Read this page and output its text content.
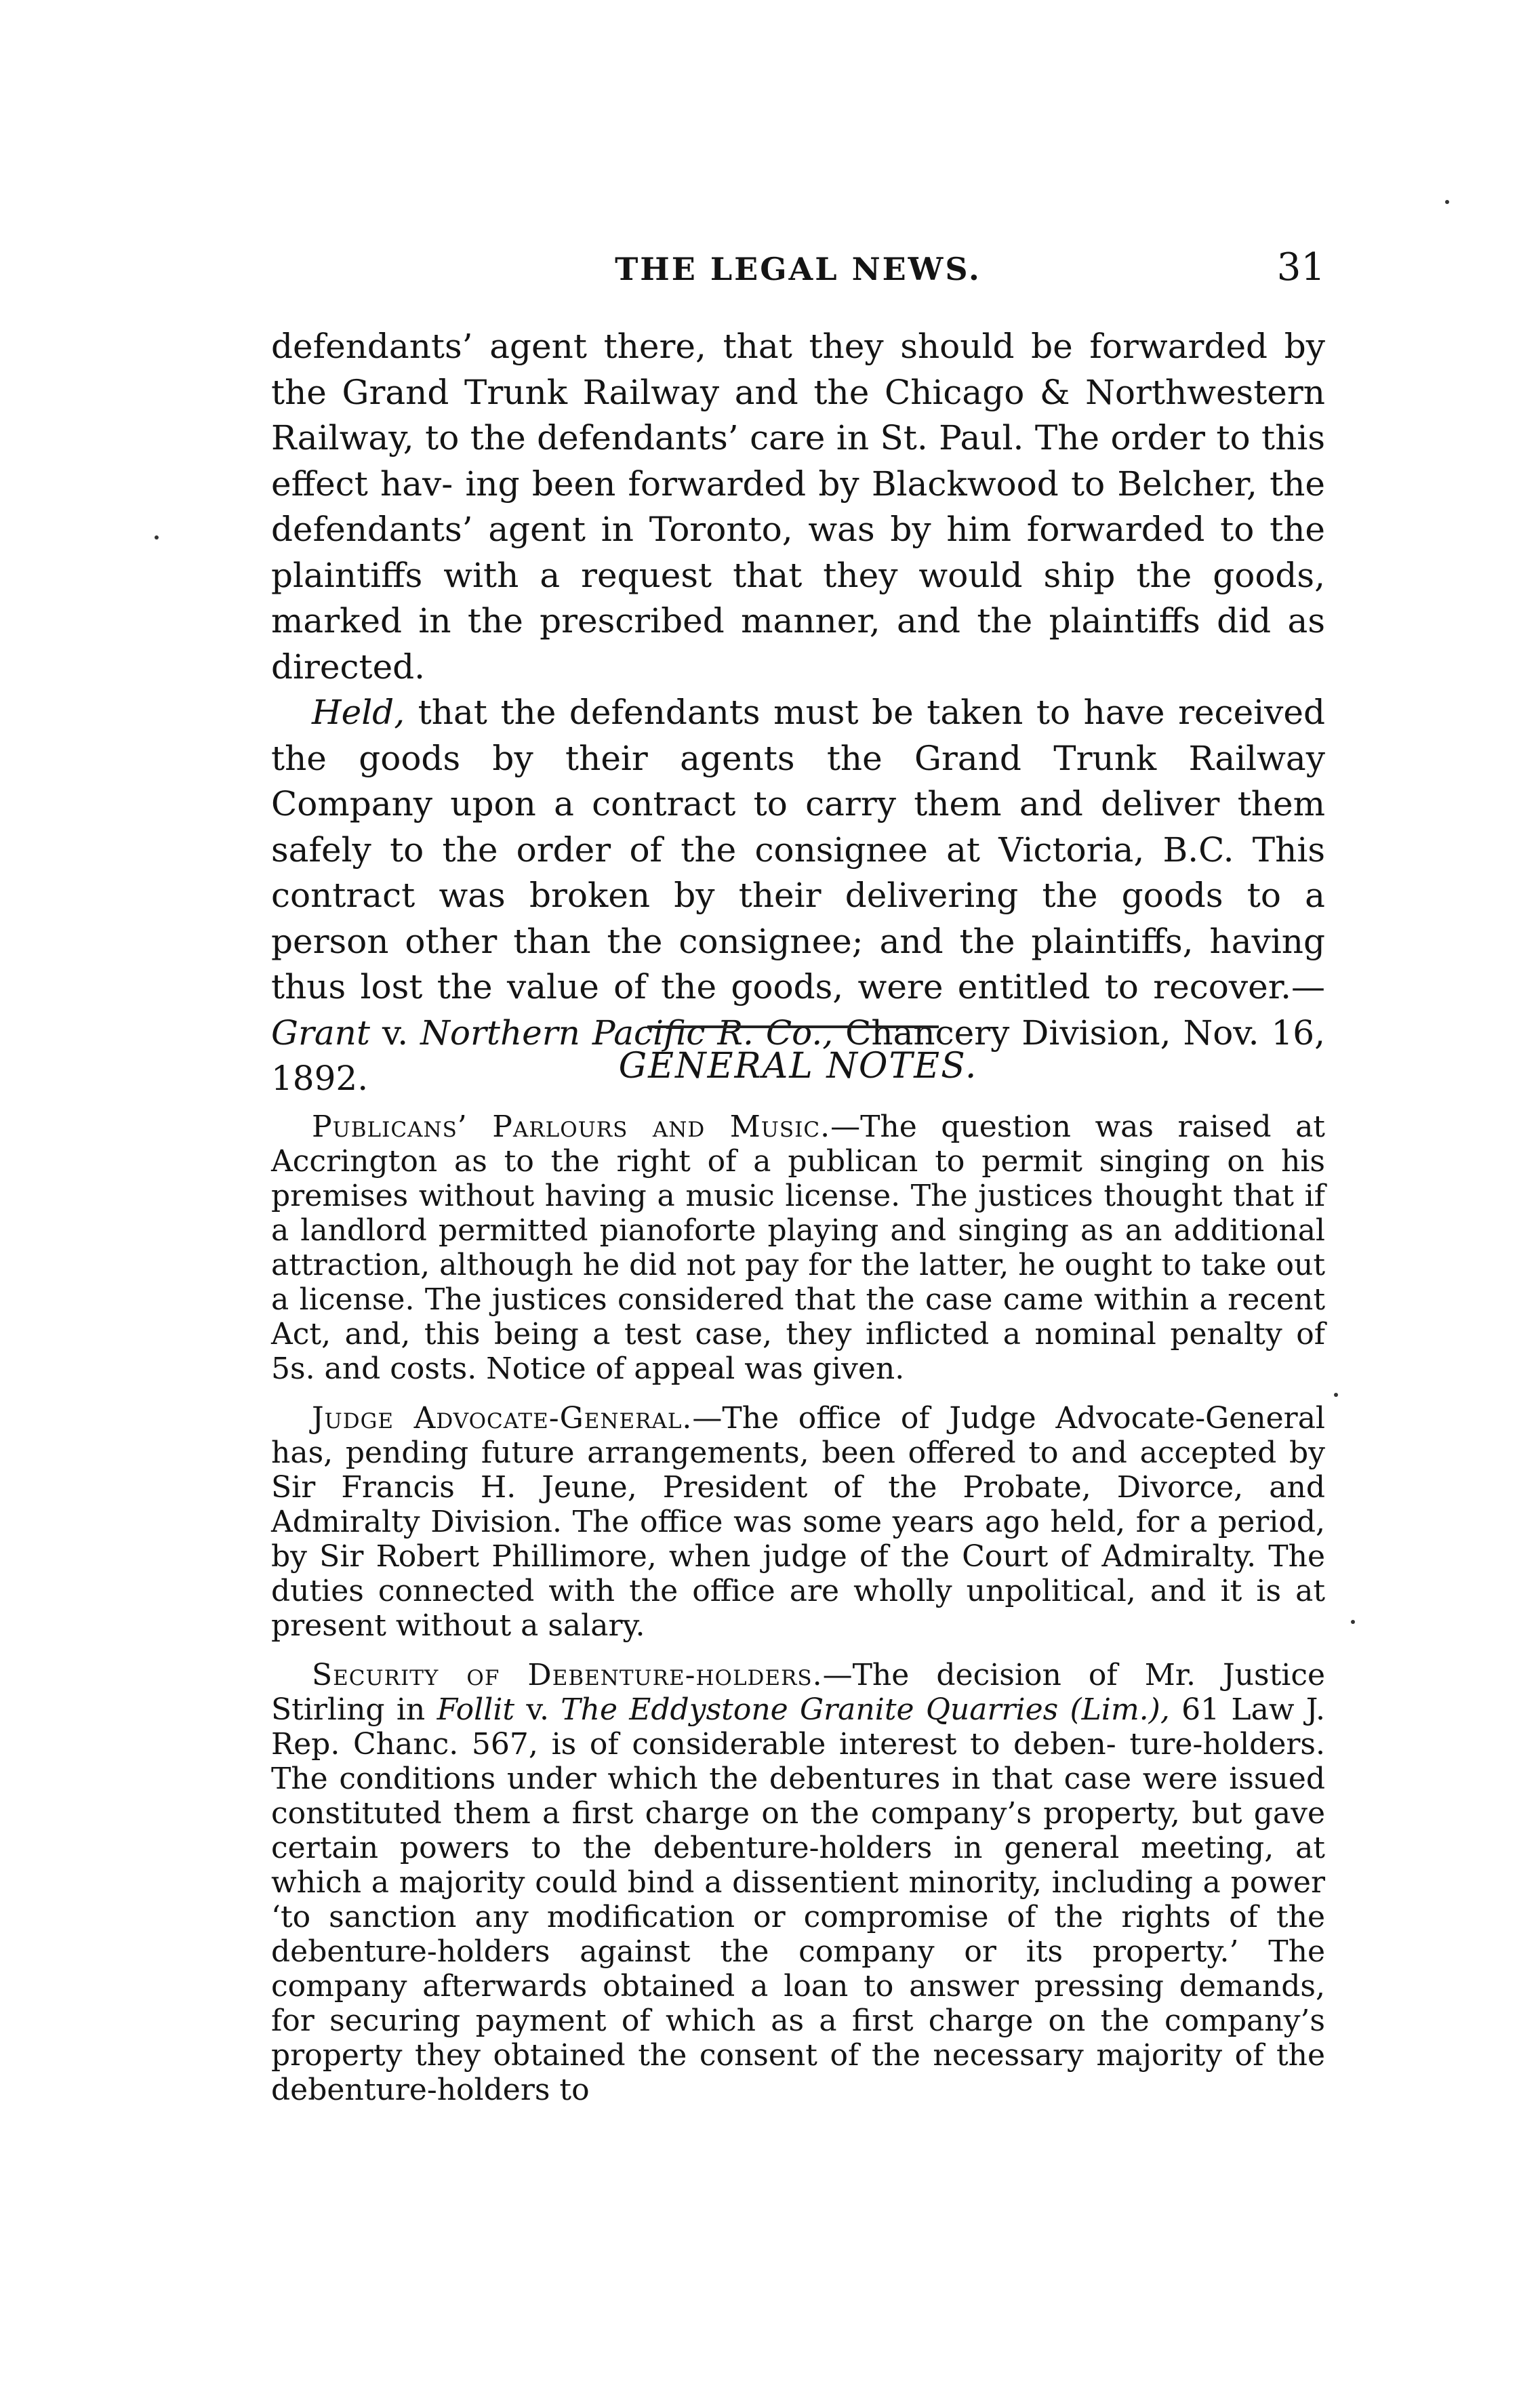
THE LEGAL NEWS.	31

defendants’ agent there, that they should be forwarded by the Grand Trunk Railway and the Chicago & Northwestern Railway, to the defendants’ care in St. Paul. The order to this effect hav- ing been forwarded by Blackwood to Belcher, the defendants’ agent in Toronto, was by him forwarded to the plaintiffs with a request that they would ship the goods, marked in the prescribed manner, and the plaintiffs did as directed.

Held, that the defendants must be taken to have received the goods by their agents the Grand Trunk Railway Company upon a contract to carry them and deliver them safely to the order of the consignee at Victoria, B.C. This contract was broken by their delivering the goods to a person other than the consignee; and the plaintiffs, having thus lost the value of the goods, were entitled to recover.—Grant v. Northern Pacific R. Co., Chancery Division, Nov. 16, 1892.	GENERAL NOTES.

Publicans’ Parlours and Music.—The question was raised at Accrington as to the right of a publican to permit singing on his premises without having a music license. The justices thought that if a landlord permitted pianoforte playing and singing as an additional attraction, although he did not pay for the latter, he ought to take out a license. The justices considered that the case came within a recent Act, and, this being a test case, they inflicted a nominal penalty of 5s. and costs. Notice of appeal was given.

Judge Advocate-General.—The office of Judge Advocate-General has, pending future arrangements, been offered to and accepted by Sir Francis H. Jeune, President of the Probate, Divorce, and Admiralty Division. The office was some years ago held, for a period, by Sir Robert Phillimore, when judge of the Court of Admiralty. The duties connected with the office are wholly unpolitical, and it is at present without a salary.

Security of Debenture-holders.—The decision of Mr. Justice Stirling in Follit v. The Eddystone Granite Quarries (Lim.), 61 Law J. Rep. Chanc. 567, is of considerable interest to deben- ture-holders. The conditions under which the debentures in that case were issued constituted them a first charge on the company’s property, but gave certain powers to the debenture-holders in general meeting, at which a majority could bind a dissentient minority, including a power ‘to sanction any modification or compromise of the rights of the debenture-holders against the company or its property.’ The company afterwards obtained a loan to answer pressing demands, for securing payment of which as a first charge on the company’s property they obtained the consent of the necessary majority of the debenture-holders to
